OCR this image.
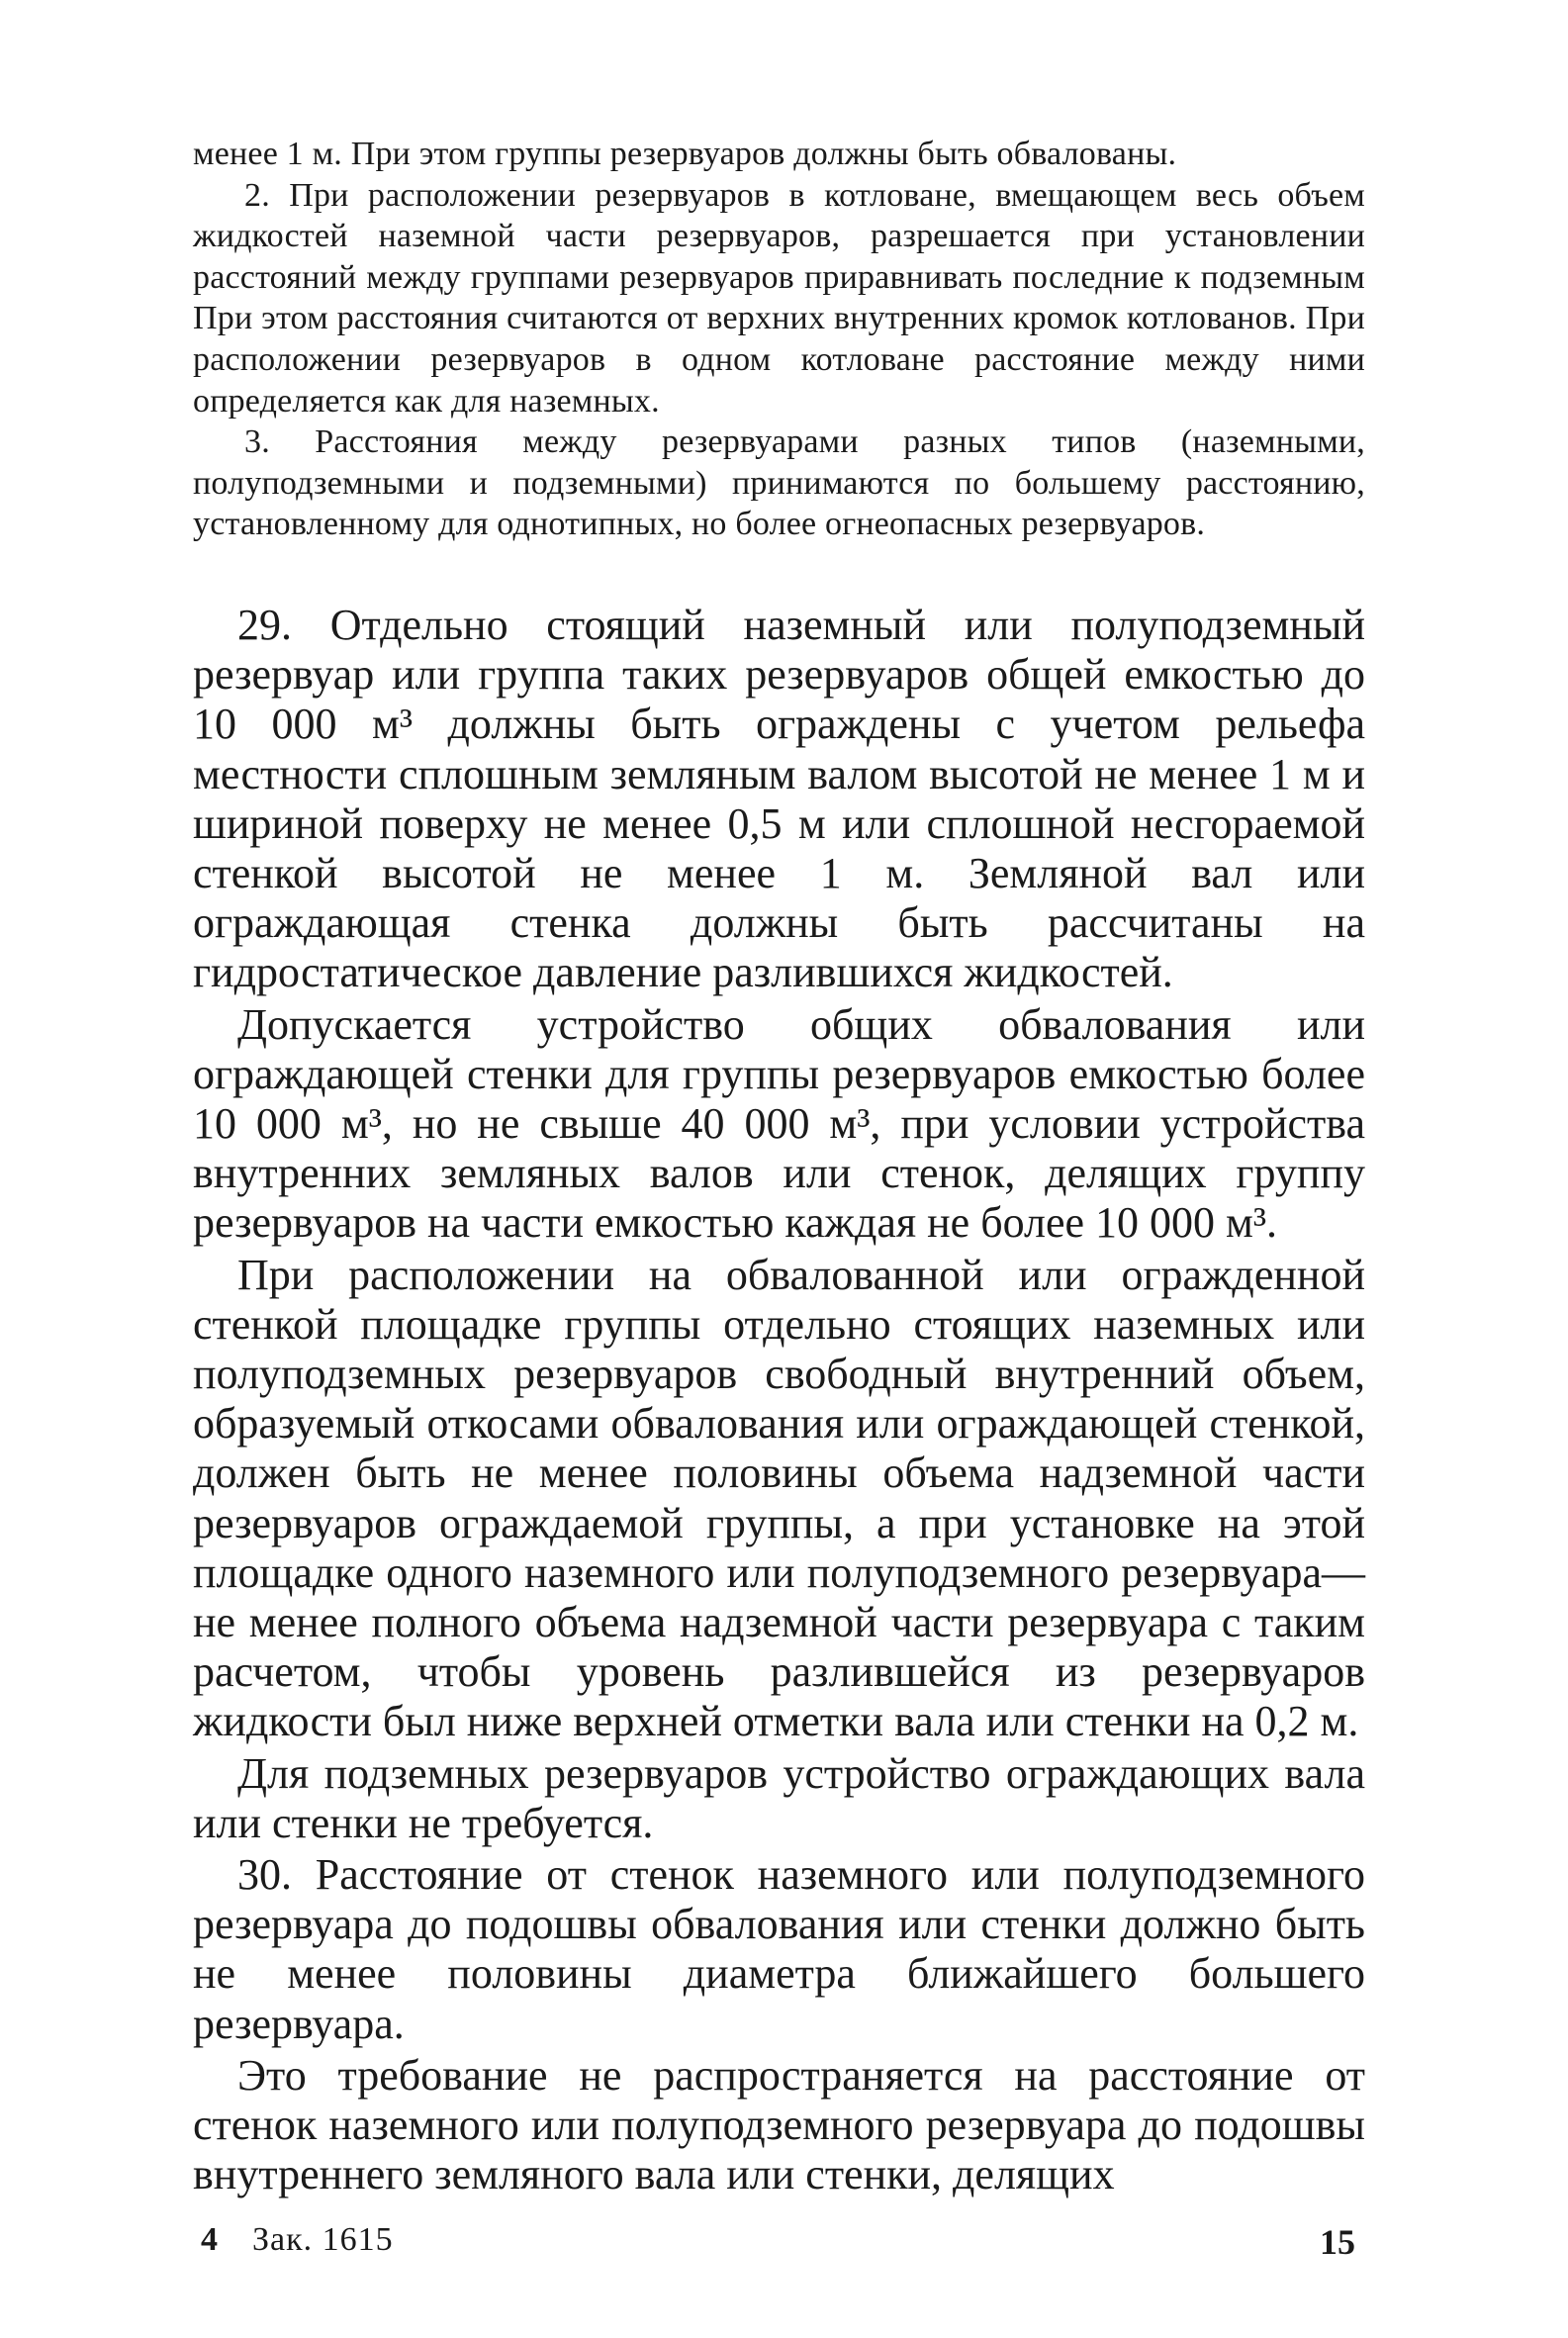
менее 1 м. При этом группы резервуаров должны быть обвалованы.

2. При расположении резервуаров в котловане, вмещающем весь объем жидкостей наземной части резервуаров, разрешается при установлении расстояний между группами резервуаров приравнивать последние к подземным При этом расстояния считаются от верхних внутренних кромок котлованов. При расположении резервуаров в одном котловане расстояние между ними определяется как для наземных.

3. Расстояния между резервуарами разных типов (наземными, полуподземными и подземными) принимаются по большему расстоянию, установленному для однотипных, но более огнеопасных резервуаров.

29. Отдельно стоящий наземный или полуподземный резервуар или группа таких резервуаров общей емкостью до 10 000 м³ должны быть ограждены с учетом рельефа местности сплошным земляным валом высотой не менее 1 м и шириной поверху не менее 0,5 м или сплошной несгораемой стенкой высотой не менее 1 м. Земляной вал или ограждающая стенка должны быть рассчитаны на гидростатическое давление разлившихся жидкостей.

Допускается устройство общих обвалования или ограждающей стенки для группы резервуаров емкостью более 10 000 м³, но не свыше 40 000 м³, при условии устройства внутренних земляных валов или стенок, делящих группу резервуаров на части емкостью каждая не более 10 000 м³.

При расположении на обвалованной или огражденной стенкой площадке группы отдельно стоящих наземных или полуподземных резервуаров свободный внутренний объем, образуемый откосами обвалования или ограждающей стенкой, должен быть не менее половины объема надземной части резервуаров ограждаемой группы, а при установке на этой площадке одного наземного или полуподземного резервуара—не менее полного объема надземной части резервуара с таким расчетом, чтобы уровень разлившейся из резервуаров жидкости был ниже верхней отметки вала или стенки на 0,2 м.

Для подземных резервуаров устройство ограждающих вала или стенки не требуется.

30. Расстояние от стенок наземного или полуподземного резервуара до подошвы обвалования или стенки должно быть не менее половины диаметра ближайшего большего резервуара.

Это требование не распространяется на расстояние от стенок наземного или полуподземного резервуара до подошвы внутреннего земляного вала или стенки, делящих

4 Зак. 1615	15
